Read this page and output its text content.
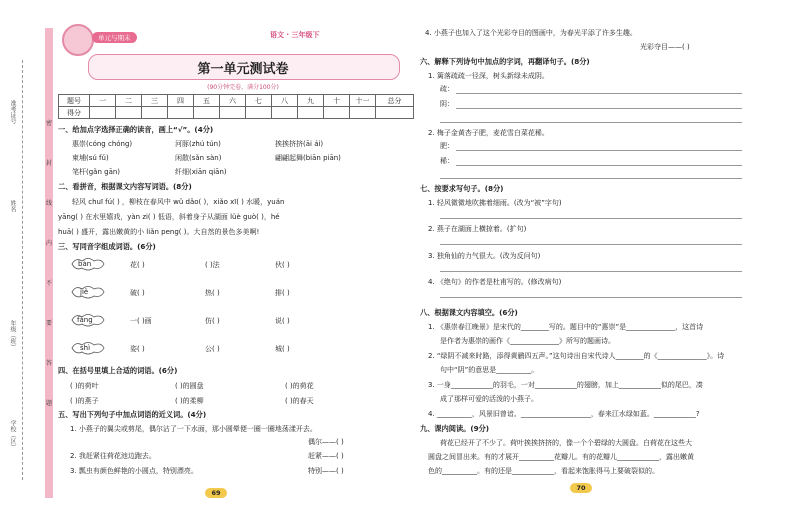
学校（区）
年级（班）
姓名
准考证号	密
封
线
内
不
要
答
题
单元与期末	语文 · 三年级下
第一单元测试卷
(90分钟完卷，满分100分)
题号	一	二	三	四	五	六	七	八	九	十	十一	总分
得分												
一、给加点字选择正确的读音，画上“√”。(4分)
惠崇(cóng chóng)	河豚(zhú tún)	挨挨挤挤(āi ái)
柬埔(sú fǔ)	闲散(sǎn sàn)	翩翩起舞(biān piān)
笔杆(gǎn gān)	纤细(xiān qiān)
二、看拼音，根据课文内容写词语。(8分)
轻风 chuī fú( ) ，柳枝在春风中 wǔ dǎo( )，xiǎo xī( ) 水暖，yuán
yāng( ) 在水里嬉戏，yàn zi( ) 低语，斜着身子从湖面 lüè guò( )，hé
huā( ) 盛开，露出嫩黄的小 liǎn peng( )。大自然的景色多美啊!
三、写同音字组成词语。(6分)
bàn	花( )	( )法	伙( )
jiě	破( )	热( )	排( )
fǎng	一( )画	仿( )	说( )
shì	姿( )	公( )	城( )
四、在括号里填上合适的词语。(6分)
( )的荷叶	( )的圆盘	( )的荷花
( )的燕子	( )的柔柳	( )的春天
五、写出下列句子中加点词语的近义词。(4分)
1. 小燕子的翼尖或剪尾，偶尔沾了一下水面，那小圆晕便一圈一圈地荡漾开去。
偶尔——( )
2. 我赶紧往荷花池边跑去。	赶紧——( )
3. 瓢虫有颜色鲜艳的小圆点，特别漂亮。	特别——( )
69
4. 小燕子也加入了这个光彩夺目的图画中，为春光平添了许多生趣。
光彩夺目——( )
六、解释下列诗句中加点的字词，再翻译句子。(8分)
1. 篱落疏疏一径深，树头新绿未成阴。
疏：
阴：
2. 梅子金黄杏子肥，麦花雪白菜花稀。
肥：
稀：
七、按要求写句子。(8分)
1. 轻风微微地吹拂着细雨。(改为“被”字句)
2. 燕子在湖面上横掠着。(扩句)
3. 独角仙的力气很大。(改为反问句)
4. 《绝句》的作者是杜甫写的。(修改病句)
八、根据课文内容填空。(6分)
1. 《惠崇春江晚景》是宋代的________写的。题目中的“惠崇”是______________，这首诗
是作者为惠崇的画作《______________》所写的题画诗。
2. “绿阴不减来时路，添得黄鹂四五声。”这句诗出自宋代诗人________的《______________》。诗
句中“阴”的意思是__________。
3. 一身____________的羽毛，一对____________的翅膀，加上____________似的尾巴，凑
成了那样可爱的活泼的小燕子。
4. __________，风景旧曾谙。____________________，春来江水绿如蓝。____________?
九、课内阅读。(9分)
荷花已经开了不少了。荷叶挨挨挤挤的，像一个个碧绿的大圆盘。白荷花在这些大
圆盘之间冒出来。有的才展开__________花瓣儿。有的花瓣儿____________，露出嫩黄
色的__________。有的还是____________，看起来饱胀得马上要破裂似的。
70
